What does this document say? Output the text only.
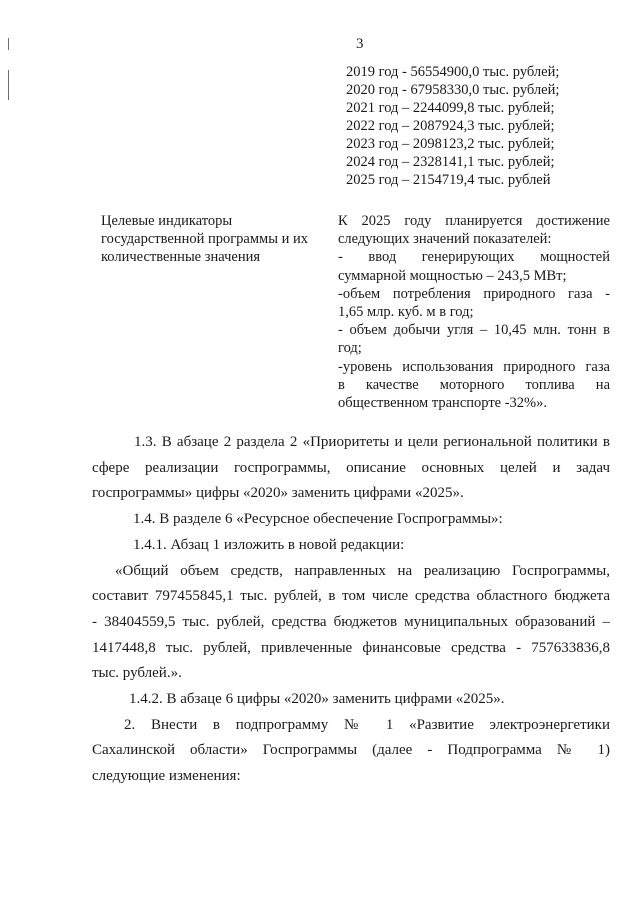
3
2019 год - 56554900,0 тыс. рублей;
2020 год - 67958330,0 тыс. рублей;
2021 год – 2244099,8 тыс. рублей;
2022 год – 2087924,3 тыс. рублей;
2023 год – 2098123,2 тыс. рублей;
2024 год – 2328141,1 тыс. рублей;
2025 год – 2154719,4 тыс. рублей
Целевые индикаторы
государственной программы и их
количественные значения
К 2025 году планируется достижение
следующих значений показателей:
- ввод генерирующих мощностей
суммарной мощностью – 243,5 МВт;
-объем потребления природного газа -
1,65 млр. куб. м в год;
- объем добычи угля – 10,45 млн. тонн в
год;
-уровень использования природного газа
в качестве моторного топлива на
общественном транспорте -32%».

1.3. В абзаце 2 раздела 2 «Приоритеты и цели региональной политики в

сфере реализации госпрограммы, описание основных целей и задач

госпрограммы» цифры «2020» заменить цифрами «2025».

1.4. В разделе 6 «Ресурсное обеспечение Госпрограммы»:

1.4.1. Абзац 1 изложить в новой редакции:

«Общий объем средств, направленных на реализацию Госпрограммы,

составит 797455845,1 тыс. рублей, в том числе средства областного бюджета

- 38404559,5 тыс. рублей, средства бюджетов муниципальных образований –

1417448,8 тыс. рублей, привлеченные финансовые средства - 757633836,8

тыс. рублей.».

1.4.2. В абзаце 6 цифры «2020» заменить цифрами «2025».

2. Внести в подпрограмму № 1 «Развитие электроэнергетики

Сахалинской области» Госпрограммы (далее - Подпрограмма № 1)

следующие изменения:
